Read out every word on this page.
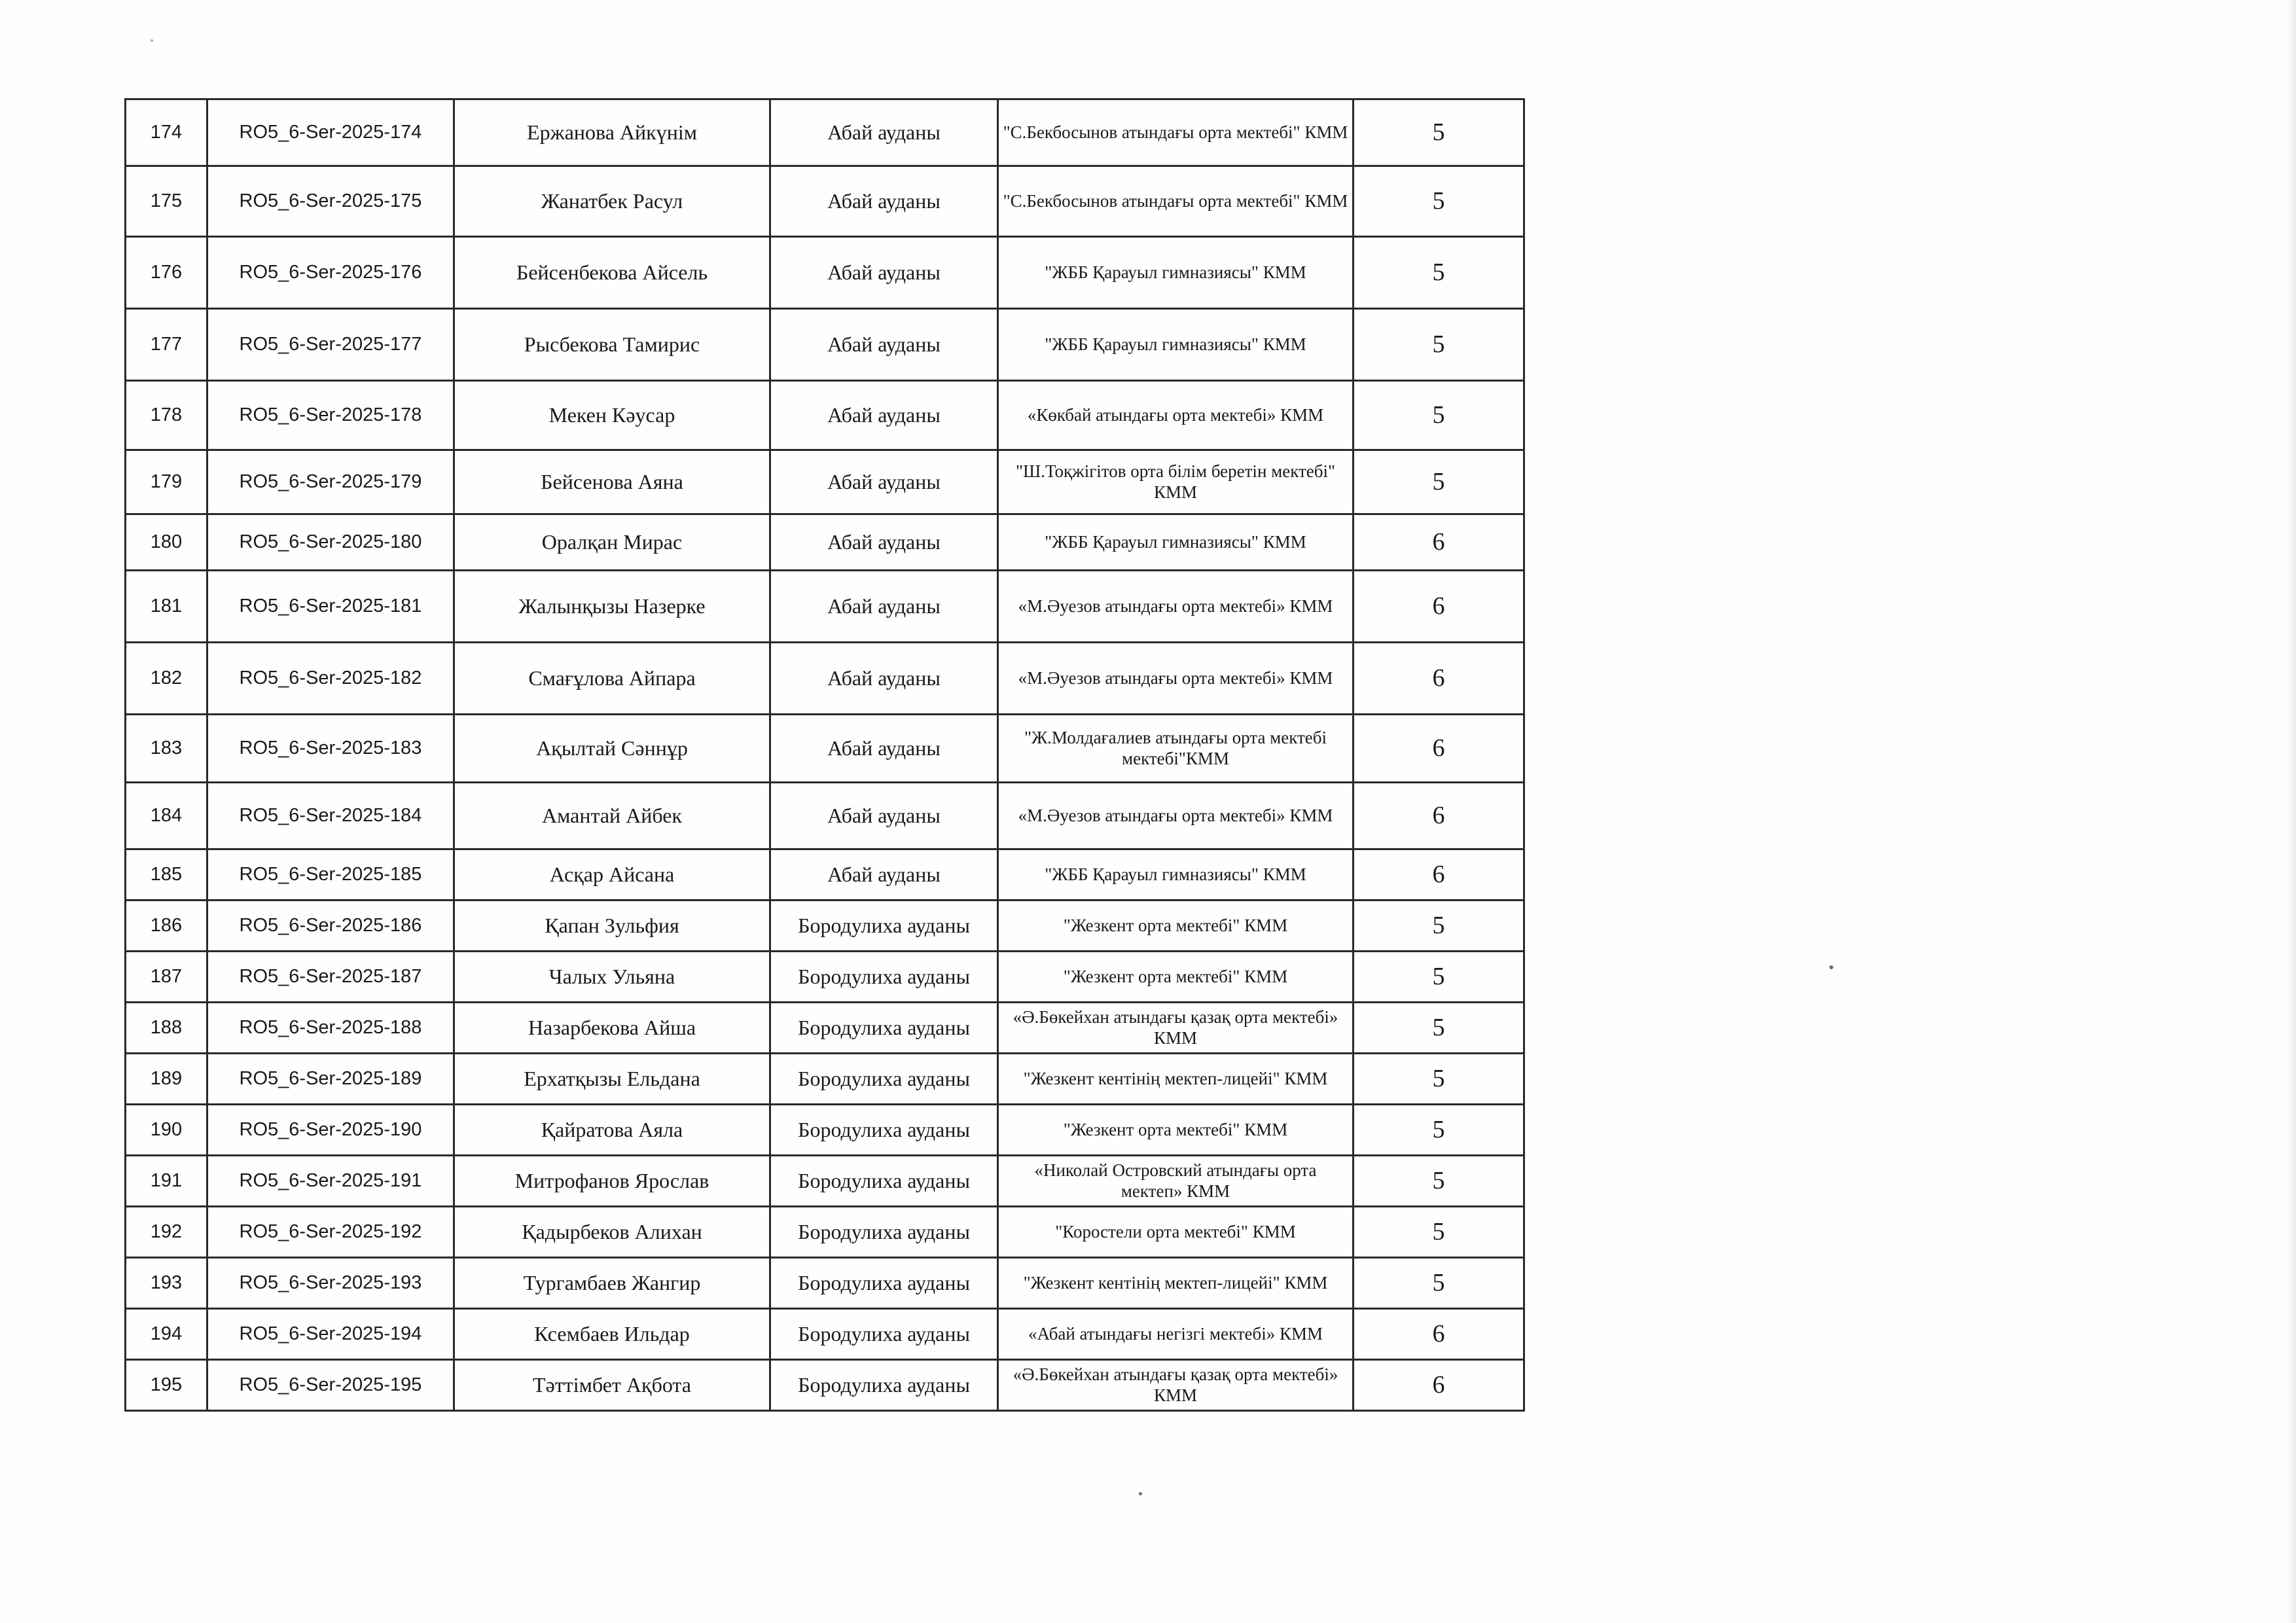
174	RO5_6-Ser-2025-174	Ержанова Айкүнім	Абай ауданы	"С.Бекбосынов атындағы орта мектебі" КММ	5
175	RO5_6-Ser-2025-175	Жанатбек Расул	Абай ауданы	"С.Бекбосынов атындағы орта мектебі" КММ	5
176	RO5_6-Ser-2025-176	Бейсенбекова Айсель	Абай ауданы	"ЖББ Қарауыл гимназиясы" КММ	5
177	RO5_6-Ser-2025-177	Рысбекова Тамирис	Абай ауданы	"ЖББ Қарауыл гимназиясы" КММ	5
178	RO5_6-Ser-2025-178	Мекен Кәусар	Абай ауданы	«Көкбай атындағы орта мектебі» КММ	5
179	RO5_6-Ser-2025-179	Бейсенова Аяна	Абай ауданы	"Ш.Тоқжігітов орта білім беретін мектебі" КММ	5
180	RO5_6-Ser-2025-180	Оралқан Мирас	Абай ауданы	"ЖББ Қарауыл гимназиясы" КММ	6
181	RO5_6-Ser-2025-181	Жалынқызы Назерке	Абай ауданы	«М.Әуезов атындағы орта мектебі» КММ	6
182	RO5_6-Ser-2025-182	Смағұлова Айпара	Абай ауданы	«М.Әуезов атындағы орта мектебі» КММ	6
183	RO5_6-Ser-2025-183	Ақылтай Сәннұр	Абай ауданы	"Ж.Молдағалиев атындағы орта мектебі мектебі"КММ	6
184	RO5_6-Ser-2025-184	Амантай Айбек	Абай ауданы	«М.Әуезов атындағы орта мектебі» КММ	6
185	RO5_6-Ser-2025-185	Асқар Айсана	Абай ауданы	"ЖББ Қарауыл гимназиясы" КММ	6
186	RO5_6-Ser-2025-186	Қапан Зульфия	Бородулиха ауданы	"Жезкент орта мектебі" КММ	5
187	RO5_6-Ser-2025-187	Чалых Ульяна	Бородулиха ауданы	"Жезкент орта мектебі" КММ	5
188	RO5_6-Ser-2025-188	Назарбекова Айша	Бородулиха ауданы	«Ә.Бөкейхан атындағы қазақ орта мектебі» КММ	5
189	RO5_6-Ser-2025-189	Ерхатқызы Ельдана	Бородулиха ауданы	"Жезкент кентінің мектеп-лицейі" КММ	5
190	RO5_6-Ser-2025-190	Қайратова Аяла	Бородулиха ауданы	"Жезкент орта мектебі" КММ	5
191	RO5_6-Ser-2025-191	Митрофанов Ярослав	Бородулиха ауданы	«Николай Островский атындағы орта мектеп» КММ	5
192	RO5_6-Ser-2025-192	Қадырбеков Алихан	Бородулиха ауданы	"Коростели орта мектебі" КММ	5
193	RO5_6-Ser-2025-193	Тургамбаев Жангир	Бородулиха ауданы	"Жезкент кентінің мектеп-лицейі" КММ	5
194	RO5_6-Ser-2025-194	Ксембаев Ильдар	Бородулиха ауданы	«Абай атындағы негізгі мектебі» КММ	6
195	RO5_6-Ser-2025-195	Тәттімбет Ақбота	Бородулиха ауданы	«Ә.Бөкейхан атындағы қазақ орта мектебі» КММ	6
